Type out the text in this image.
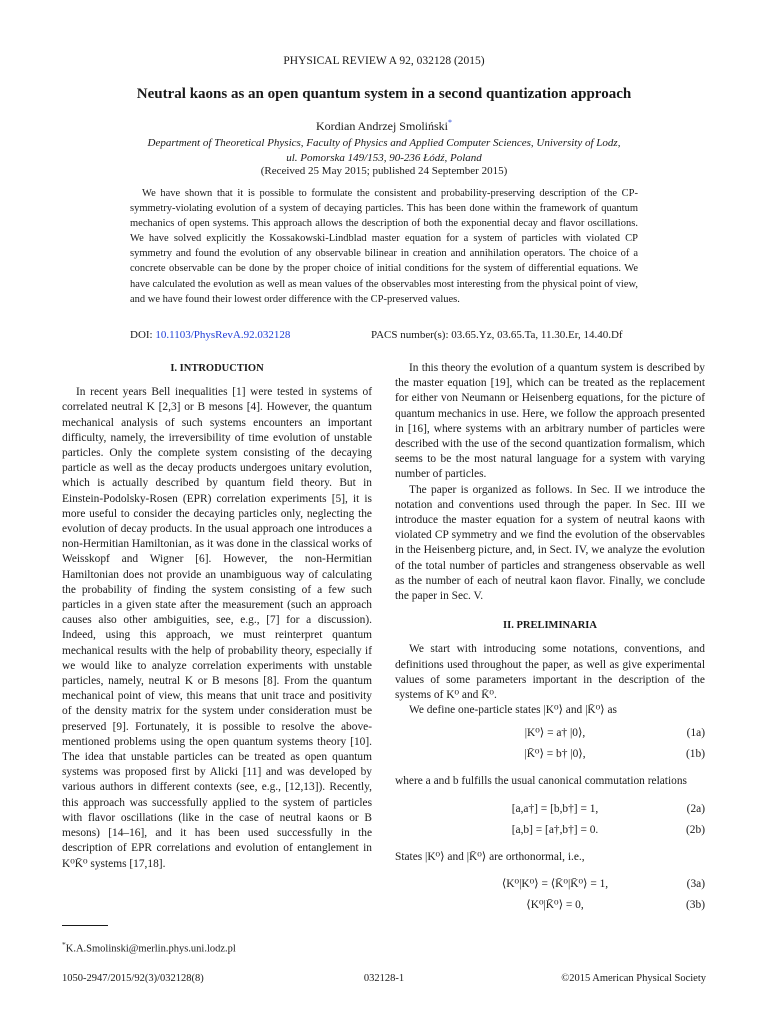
PHYSICAL REVIEW A 92, 032128 (2015)
Neutral kaons as an open quantum system in a second quantization approach
Kordian Andrzej Smoliński*
Department of Theoretical Physics, Faculty of Physics and Applied Computer Sciences, University of Lodz,
ul. Pomorska 149/153, 90-236 Łódź, Poland
(Received 25 May 2015; published 24 September 2015)
We have shown that it is possible to formulate the consistent and probability-preserving description of the CP-symmetry-violating evolution of a system of decaying particles. This has been done within the framework of quantum mechanics of open systems. This approach allows the description of both the exponential decay and flavor oscillations. We have solved explicitly the Kossakowski-Lindblad master equation for a system of particles with violated CP symmetry and found the evolution of any observable bilinear in creation and annihilation operators. The choice of a concrete observable can be done by the proper choice of initial conditions for the system of differential equations. We have calculated the evolution as well as mean values of the observables most interesting from the physical point of view, and we have found their lowest order difference with the CP-preserved values.
DOI: 10.1103/PhysRevA.92.032128	PACS number(s): 03.65.Yz, 03.65.Ta, 11.30.Er, 14.40.Df
I. INTRODUCTION

In recent years Bell inequalities [1] were tested in systems of correlated neutral K [2,3] or B mesons [4]. However, the quantum mechanical analysis of such systems encounters an important difficulty, namely, the irreversibility of time evolution of unstable particles. Only the complete system consisting of the decaying particle as well as the decay products undergoes unitary evolution, which is actually described by quantum field theory. But in Einstein-Podolsky-Rosen (EPR) correlation experiments [5], it is more useful to consider the decaying particles only, neglecting the evolution of decay products. In the usual approach one introduces a non-Hermitian Hamiltonian, as it was done in the classical works of Weisskopf and Wigner [6]. However, the non-Hermitian Hamiltonian does not provide an unambiguous way of calculating the probability of finding the system consisting of a few such particles in a given state after the measurement (such an approach causes also other ambiguities, see, e.g., [7] for a discussion). Indeed, using this approach, we must reinterpret quantum mechanical results with the help of probability theory, especially if we would like to analyze correlation experiments with unstable particles, namely, neutral K or B mesons [8]. From the quantum mechanical point of view, this means that unit trace and positivity of the density matrix for the system under consideration must be preserved [9]. Fortunately, it is possible to resolve the above-mentioned problems using the open quantum systems theory [10]. The idea that unstable particles can be treated as open quantum systems was proposed first by Alicki [11] and was developed by various authors in different contexts (see, e.g., [12,13]). Recently, this approach was successfully applied to the system of particles with flavor oscillations (like in the case of neutral kaons or B mesons) [14–16], and it has been used successfully in the description of EPR correlations and evolution of entanglement in K⁰K̄⁰ systems [17,18].

In this theory the evolution of a quantum system is described by the master equation [19], which can be treated as the replacement for either von Neumann or Heisenberg equations, for the picture of quantum mechanics in use. Here, we follow the approach presented in [16], where systems with an arbitrary number of particles were described with the use of the second quantization formalism, which seems to be the most natural language for a system with varying number of particles.

The paper is organized as follows. In Sec. II we introduce the notation and conventions used through the paper. In Sec. III we introduce the master equation for a system of neutral kaons with violated CP symmetry and we find the evolution of the observables in the Heisenberg picture, and, in Sect. IV, we analyze the evolution of the total number of particles and strangeness observable as well as the number of each of neutral kaon flavor. Finally, we conclude the paper in Sec. V.

II. PRELIMINARIA

We start with introducing some notations, conventions, and definitions used throughout the paper, as well as give experimental values of some parameters important in the description of the systems of K⁰ and K̄⁰.

We define one-particle states |K⁰⟩ and |K̄⁰⟩ as

|K⁰⟩ = a† |0⟩,	(1a)
|K̄⁰⟩ = b† |0⟩,	(1b)

where a and b fulfills the usual canonical commutation relations

[a,a†] = [b,b†] = 1,	(2a)
[a,b] = [a†,b†] = 0.	(2b)

States |K⁰⟩ and |K̄⁰⟩ are orthonormal, i.e.,

⟨K⁰|K⁰⟩ = ⟨K̄⁰|K̄⁰⟩ = 1,	(3a)
⟨K⁰|K̄⁰⟩ = 0,	(3b)
*K.A.Smolinski@merlin.phys.uni.lodz.pl
1050-2947/2015/92(3)/032128(8)	032128-1	©2015 American Physical Society
